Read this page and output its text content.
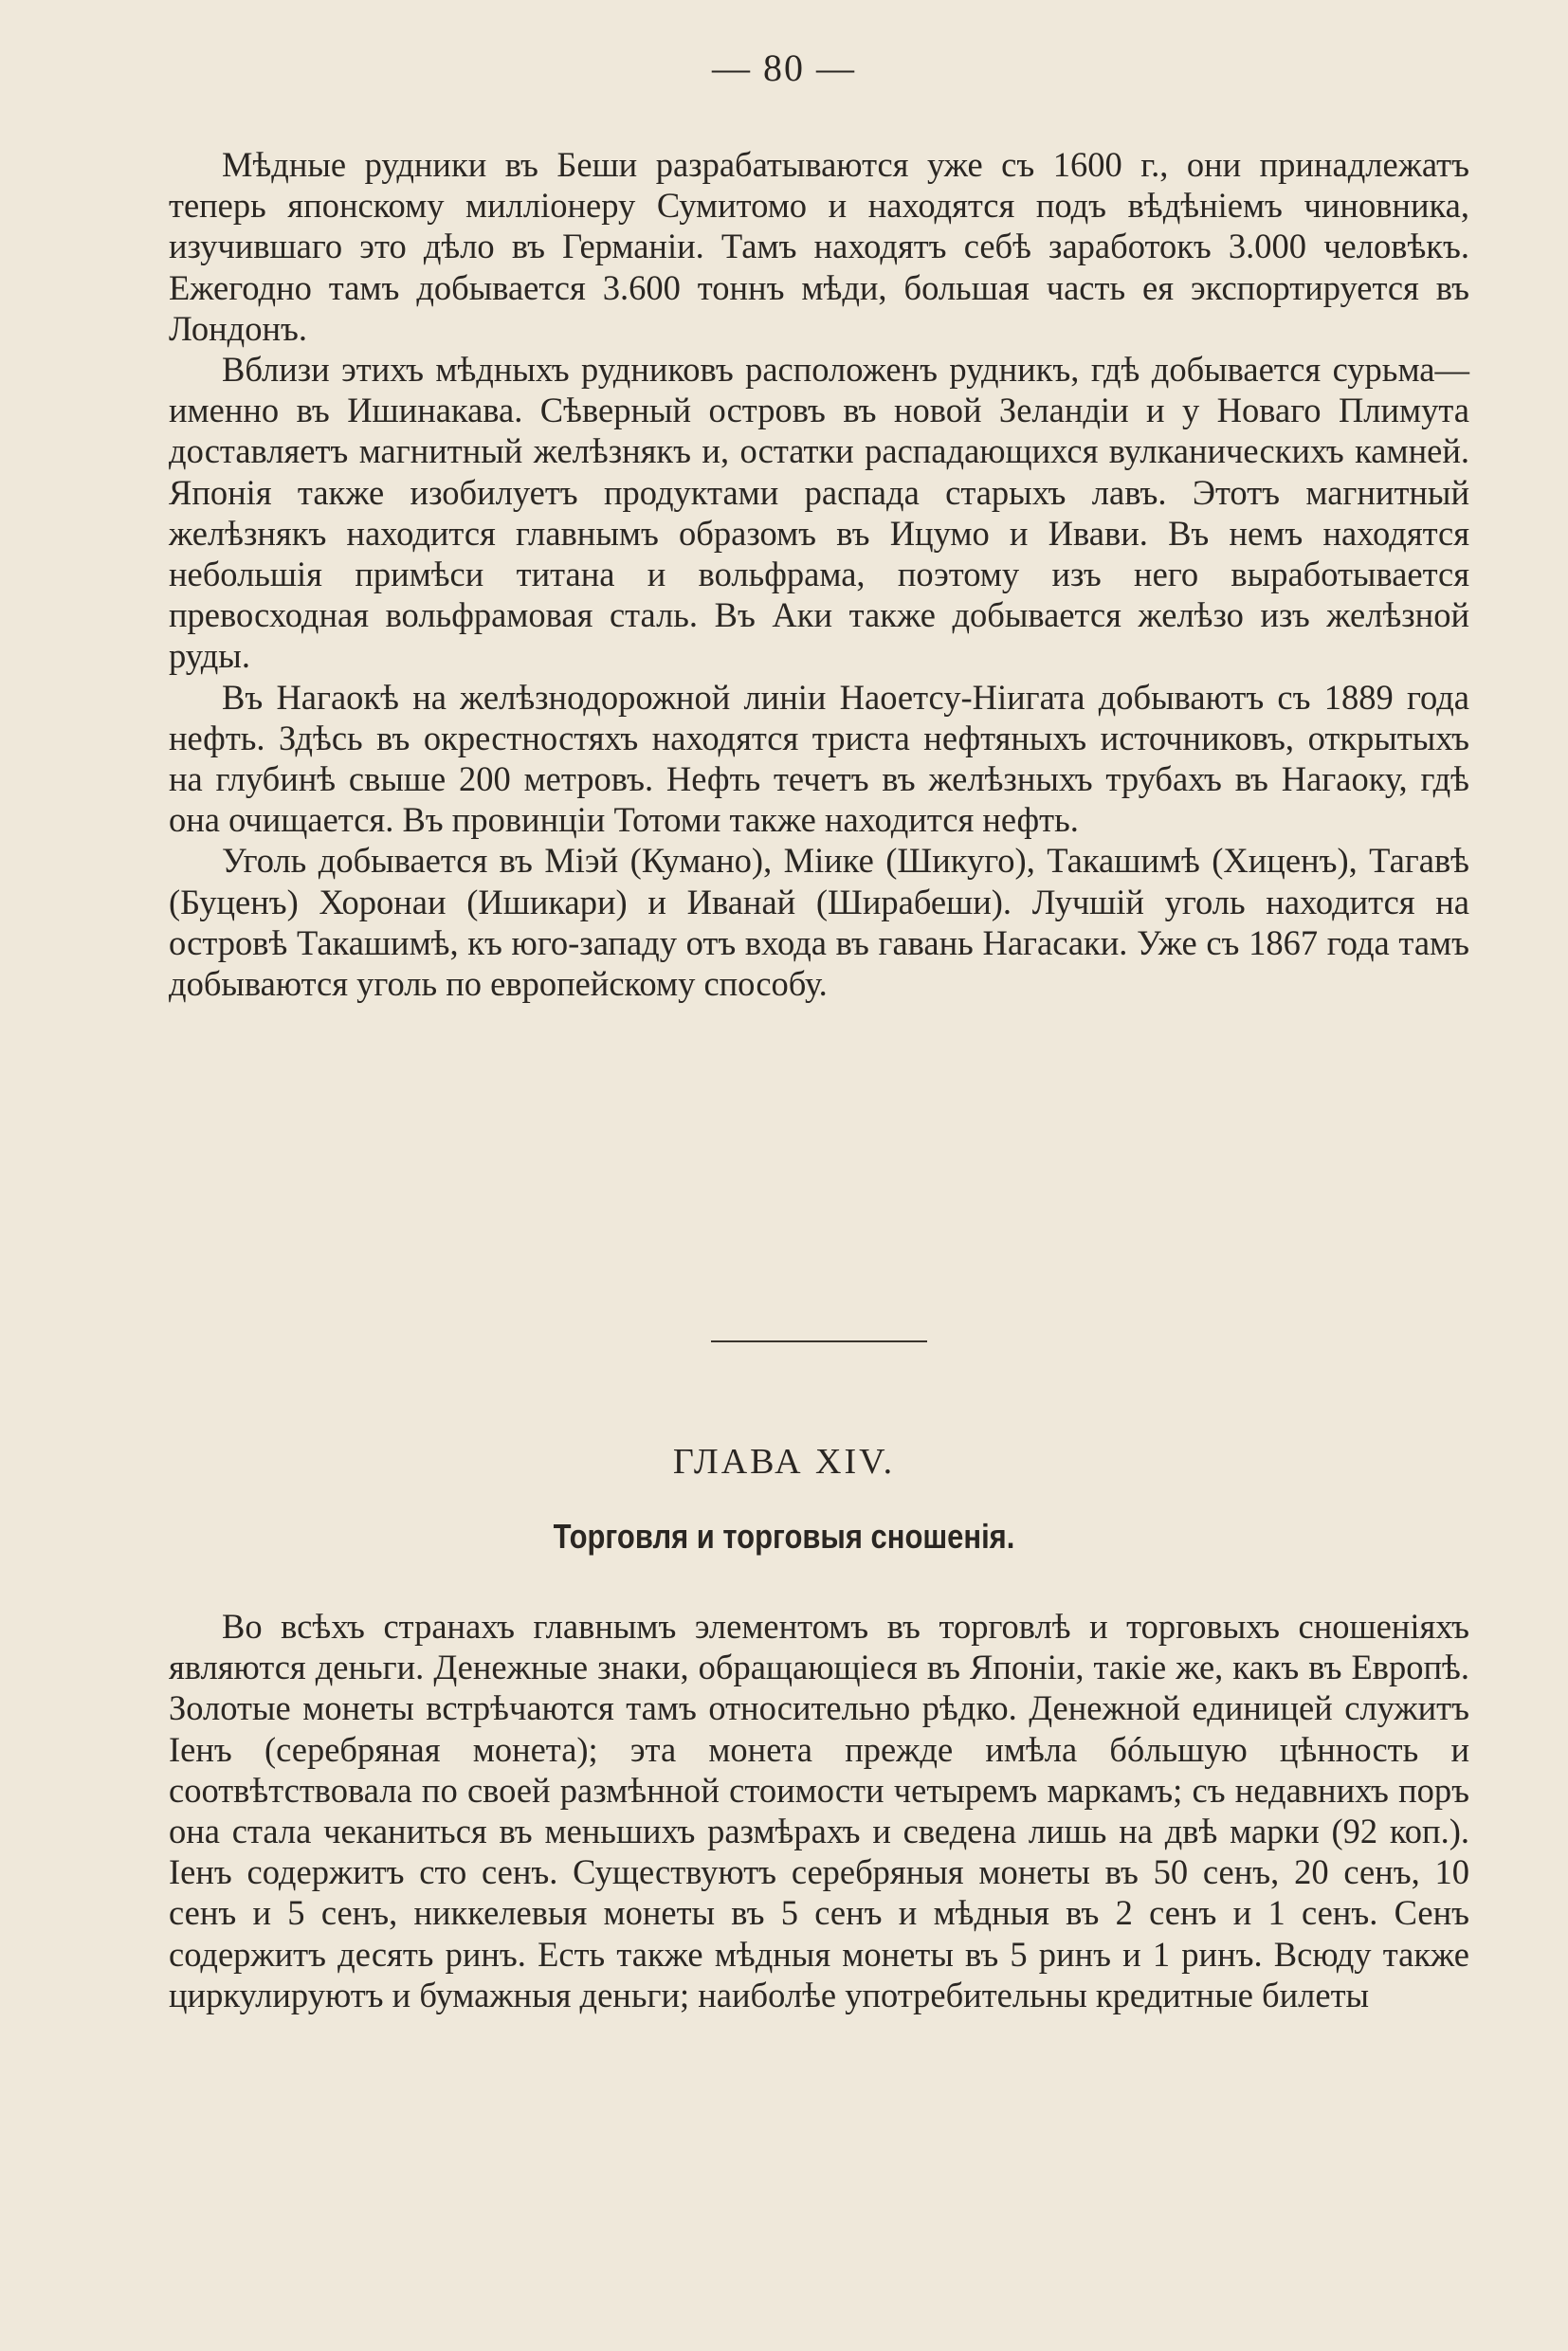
— 80 —

Мѣдные рудники въ Беши разрабатываются уже съ 1600 г., они принадлежатъ теперь японскому милліонеру Сумитомо и находятся подъ вѣдѣніемъ чиновника, изучившаго это дѣло въ Германіи. Тамъ находятъ себѣ заработокъ 3.000 человѣкъ. Ежегодно тамъ добывается 3.600 тоннъ мѣди, большая часть ея экспортируется въ Лондонъ.

Вблизи этихъ мѣдныхъ рудниковъ расположенъ рудникъ, гдѣ добывается сурьма—именно въ Ишинакава. Сѣверный островъ въ новой Зеландіи и у Новаго Плимута доставляетъ магнитный желѣзнякъ и, остатки распадающихся вулканическихъ камней. Японія также изобилуетъ продуктами распада старыхъ лавъ. Этотъ магнитный желѣзнякъ находится главнымъ образомъ въ Ицумо и Ивави. Въ немъ находятся небольшія примѣси титана и вольфрама, поэтому изъ него выработывается превосходная вольфрамовая сталь. Въ Аки также добывается желѣзо изъ желѣзной руды.

Въ Нагаокѣ на желѣзнодорожной линіи Наоетсу-Ніигата добываютъ съ 1889 года нефть. Здѣсь въ окрестностяхъ находятся триста нефтяныхъ источниковъ, открытыхъ на глубинѣ свыше 200 метровъ. Нефть течетъ въ желѣзныхъ трубахъ въ Нагаоку, гдѣ она очищается. Въ провинціи Тотоми также находится нефть.

Уголь добывается въ Міэй (Кумано), Міике (Шикуго), Такашимѣ (Хиценъ), Тагавѣ (Буценъ) Хоронаи (Ишикари) и Иванай (Ширабеши). Лучшій уголь находится на островѣ Такашимѣ, къ юго-западу отъ входа въ гавань Нагасаки. Уже съ 1867 года тамъ добываются уголь по европейскому способу.

ГЛАВА XIV.
Торговля и торговыя сношенія.

Во всѣхъ странахъ главнымъ элементомъ въ торговлѣ и торговыхъ сношеніяхъ являются деньги. Денежные знаки, обращающіеся въ Японіи, такіе же, какъ въ Европѣ. Золотые монеты встрѣчаются тамъ относительно рѣдко. Денежной единицей служитъ Іенъ (серебряная монета); эта монета прежде имѣла бóльшую цѣнность и соотвѣтствовала по своей размѣнной стоимости четыремъ маркамъ; съ недавнихъ поръ она стала чеканиться въ меньшихъ размѣрахъ и сведена лишь на двѣ марки (92 коп.). Іенъ содержитъ сто сенъ. Существуютъ серебряныя монеты въ 50 сенъ, 20 сенъ, 10 сенъ и 5 сенъ, никкелевыя монеты въ 5 сенъ и мѣдныя въ 2 сенъ и 1 сенъ. Сенъ содержитъ десять ринъ. Есть также мѣдныя монеты въ 5 ринъ и 1 ринъ. Всюду также циркулируютъ и бумажныя деньги; наиболѣе употребительны кредитные билеты
